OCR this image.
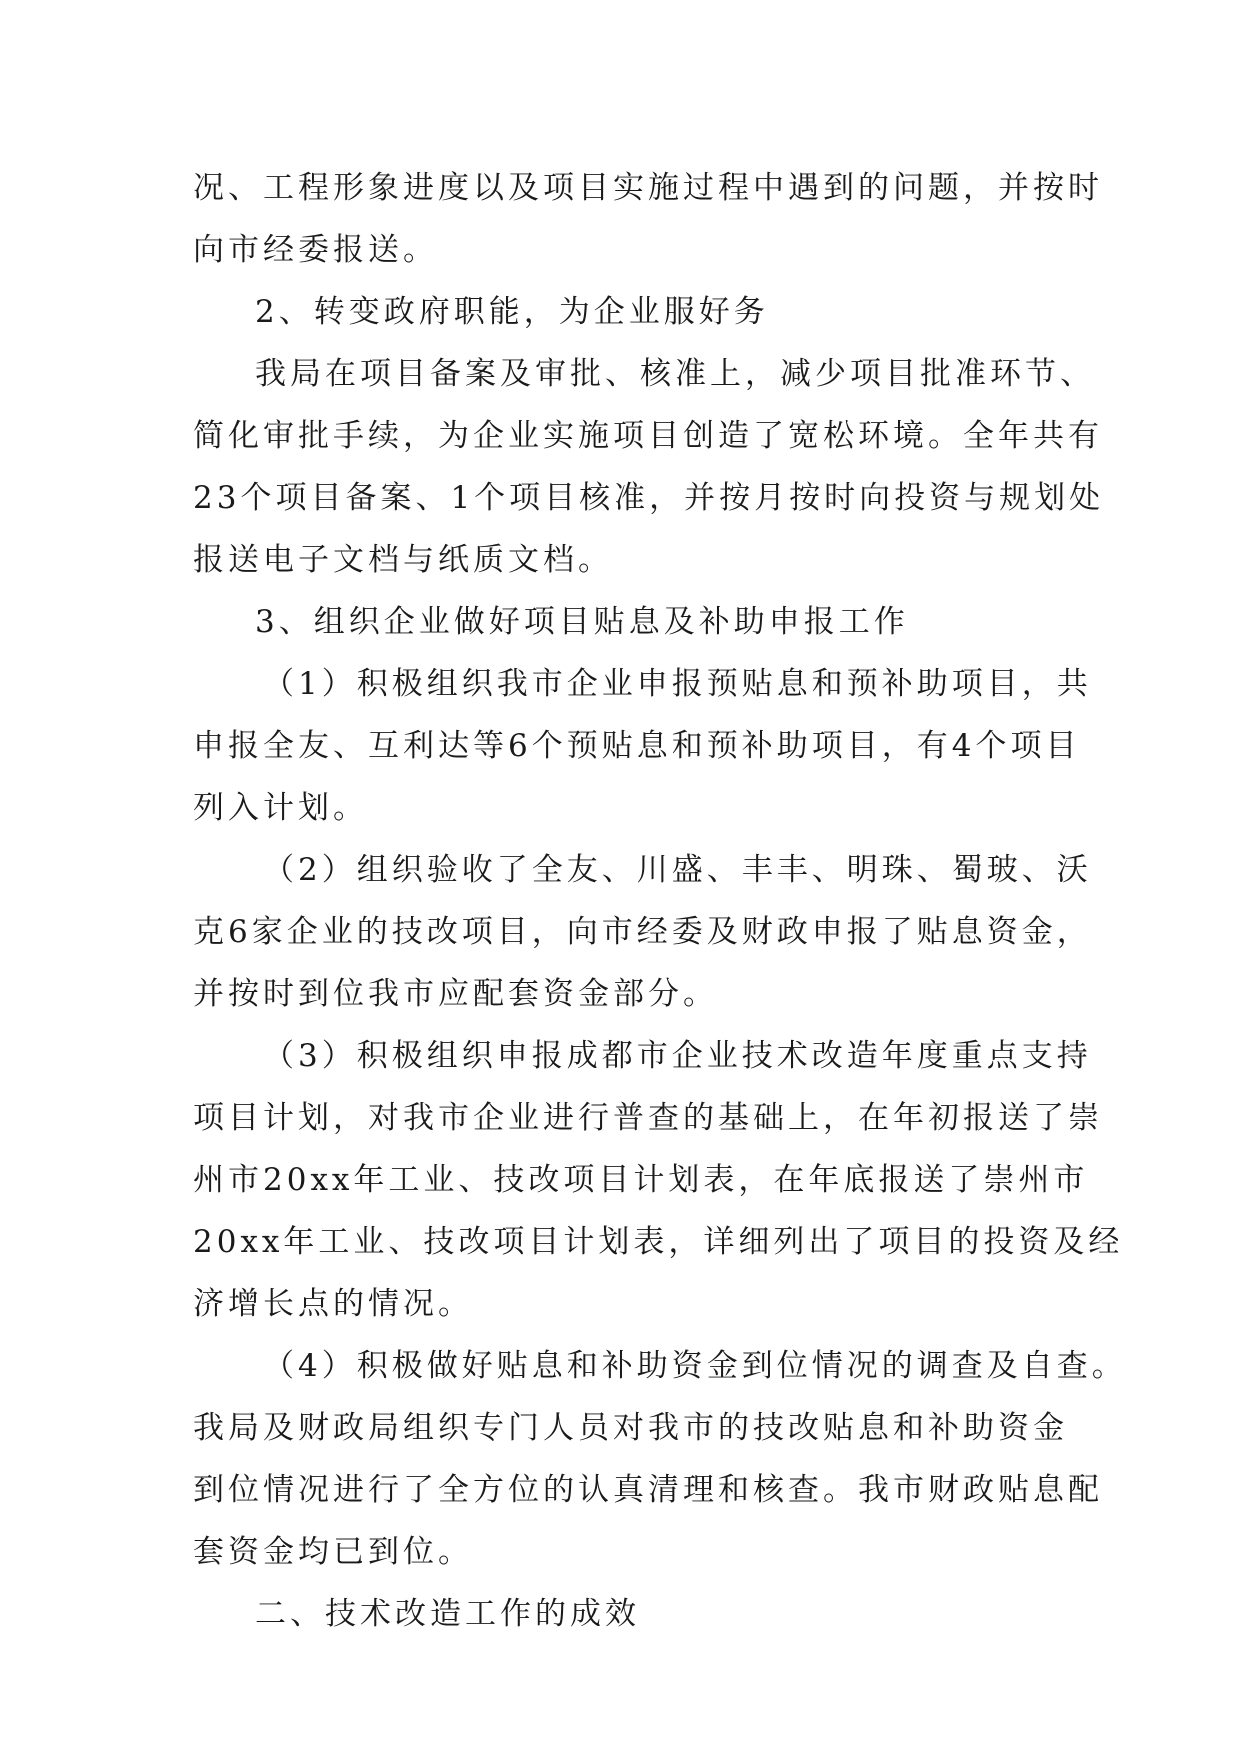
况、工程形象进度以及项目实施过程中遇到的问题，并按时
向市经委报送。
2、转变政府职能，为企业服好务
我局在项目备案及审批、核准上，减少项目批准环节、
简化审批手续，为企业实施项目创造了宽松环境。全年共有
23个项目备案、1个项目核准，并按月按时向投资与规划处
报送电子文档与纸质文档。
3、组织企业做好项目贴息及补助申报工作
（1）积极组织我市企业申报预贴息和预补助项目，共
申报全友、互利达等6个预贴息和预补助项目，有4个项目
列入计划。
（2）组织验收了全友、川盛、丰丰、明珠、蜀玻、沃
克6家企业的技改项目，向市经委及财政申报了贴息资金，
并按时到位我市应配套资金部分。
（3）积极组织申报成都市企业技术改造年度重点支持
项目计划，对我市企业进行普查的基础上，在年初报送了崇
州市20xx年工业、技改项目计划表，在年底报送了崇州市
20xx年工业、技改项目计划表，详细列出了项目的投资及经
济增长点的情况。
（4）积极做好贴息和补助资金到位情况的调查及自查。
我局及财政局组织专门人员对我市的技改贴息和补助资金
到位情况进行了全方位的认真清理和核查。我市财政贴息配
套资金均已到位。
二、技术改造工作的成效
